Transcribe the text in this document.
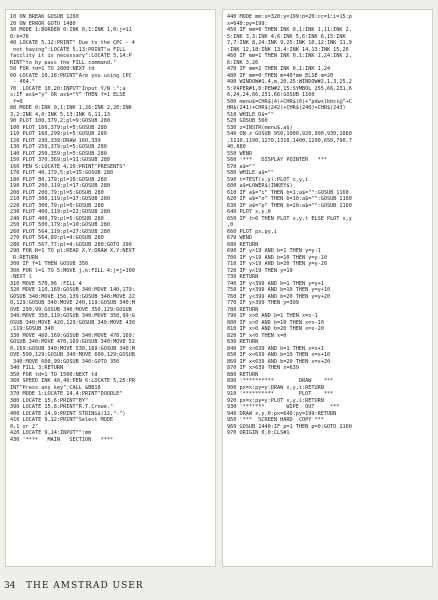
10 ON BREAK GOSUB 1260
20 ON ERROR GOTO 1480
30 MODE 1:BORDER 0:INK 0,1:INK 1,0:j=11
0:k=76
40 LOCATE 5,12:PRINT" Due to the CPC - 4
not having":LOCATE 5,13:PRINT"a FILL
facility it is necessary":LOCATE 5,14:P
RINT"to by pass the FILL command."
50 FOR td=1 TO 2000:NEXT td
60 LOCATE 10,18:PRINT"Are you using CPC
- 464."
70  LOCATE 10,20:INPUT"Input Y/N :";a
s:IF as$="y" OR as$="Y" THEN f=1 ELSE
f=0
80 MODE 0:INK 0,1:INK 1,26:INK 2,20:INK
3,2:INK 4,0:INK 5,13:INK 6,11,13
90 PLOT 100,379,2:pl=9:GOSUB 280
100 PLOT 160,379:pl=5:GOSUB 280
110 PLOT 160,299:pl=5:GOSUB 280
120 PLOT 230,339:DRAW 160,339
130 PLOT 250,379:pl=5:GOSUB 280
140 PLOT 250,359:pl=5:GOSUB 280
150 PLOT 370,369:pl=11:GOSUB 280
160 PEN 5:LOCATE 4,10:PRINT"PRESENTS"
170 PLOT 40,179,5:pl=15:GOSUB 280
180 PLOT 80,179:pl=10:GOSUB 280
190 PLOT 200,119:pl=17:GOSUB 280
200 PLOT 200,79:pl=5:GOSUB 280
210 PLOT 300,119:pl=17:GOSUB 280
220 PLOT 300,79:pl=5:GOSUB 280
230 PLOT 400,119:pl=22:GOSUB 280
240 PLOT 400,79:pl=5:GOSUB 280
250 PLOT 500,179:pl=10:GOSUB 280
260 PLOT 564,119:pl=27:GOSUB 280
270 PLOT 564,89:pl=4:GOSUB 280
280 PLOT 567,77:pl=4:GOSUB 280:GOTO 290
290 FOR R=1 TO pl:READ X,Y:DRAW X,Y:NEXT
R:RETURN
300 IF f=1 THEN GOSUB 350
300 FOR l=1 TO 5:MOVE j,k:FILL 4:j=j+100
:NEXT l
310 MOVE 570,96 :FILL 4
320 MOVE 110,169:GOSUB 340:MOVE 140,179:
GOSUB 340:MOVE 150,139:GOSUB 340:MOVE 22
0,129:GOSUB 340:MOVE 240,119:GOSUB 340:M
OVE 290,99:GOSUB 340:MOVE 350,129:GOSUB
340:MOVE 350,119:GOSUB 340:MOVE 350,99:G
OSUB 340:MOVE 420,129:GOSUB 340:MOVE 430
,119:GOSUB 340
330 MOVE 460,169:GOSUB 340:MOVE 470,169:
GOSUB 340:MOVE 470,169:GOSUB 340:MOVE 52
0,169:GOSUB 340:MOVE 530,169:GOSUB 340:M
OVE 590,129:GOSUB 340:MOVE 600,129:GOSUB
340:MOVE 600,99:GOSUB 340:GOTO 350
340 FILL 3:RETURN
350 FOR td=1 TO 1500:NEXT td
360 SPEED INK 40,40:PEN 6:LOCATE 5,25:PR
INT"Press any key":CALL &BB18
370 MODE 1:LOCATE 14,4:PRINT"DOODLE"
380 LOCATE 15,6:PRINT"BY"
390 LOCATE 15,8:PRINT"R.T.Crowe."
400 LOCATE 14,9:PRINT STRING$(12,"-")
410 LOCATE 9,12:PRINT"Select MODE
0,1 or 2"
420 LOCATE 9,14:INPUT"":mm
430 '****   MAIN   SECTION   ****
440 MODE mm:x=320:y=199:b=20:cc=1:i=15:p
x=640:py=199:
450 IF mm=0 THEN INK 0,1:INK 1,11:INK 2,
5:INK 3,3:INK 4,6:INK 5,6:INK 6,15:INK
7,7:INK 8,24:INK 9,25:INK 10,12:INK 11,9
:INK 12,18:INK 13,4:INK 14,13:INK 15,26
460 IF mm=1 THEN INK 0,1:INK 1,24:INK 2,
6:INK 3,26
470 IF mm=2 THEN INK 0,1:INK 1,24
480 IF mm=0 THEN m=40*mm ELSE m=20
490 WINDOW#1,4,m,20,25:WINDOW#2,1,3,25,2
5:PAPER#1,0:PEN#2,15:SYMBOL 255,66,231,6
6,24,24,66,231,66:GOSUB 1160
500 menu$=CHR$(4)+CHR$(6)+"pdwslbhci@"+C
HR$(241)+CHR$(242)+CHR$(240)+CHR$(243)
510 WHILE D$=""
520 GOSUB 560
530 z=INSTR(menu$,a$)
540 ON z GOSUB 950,1000,920,900,930,1060
,1110,1190,1270,1310,1400,1290,650,790,7
40,880
550 WEND
560 '***   DISPLAY POINTER   ***
570 a$=""
580 WHILE a$=""
590 t=TEST(x,y):PLOT x,y,i
600 a$=LOWER$(INKEY$)
610 IF a$="i" THEN b=1:a$="":GOSUB 1160
620 IF a$="o" THEN b=10:a$="":GOSUB 1160
630 IF a$="p" THEN b=20:a$="":GOSUB 1160
640 PLOT x,y,0
650 IF t>0 THEN PLOT x,y,t ELSE PLOT x,y
,0
660 PLOT px,py,i
670 WEND
680 RETURN
690 IF y>19 AND b=1 THEN y=y-1
700 IF y>19 AND b=10 THEN y=y-10
710 IF y>19 AND b=20 THEN y=y-20
720 IF y<19 THEN y=19
730 RETURN
740 IF y<399 AND b=1 THEN y=y+1
750 IF y<399 AND b=10 THEN y=y+10
760 IF y<399 AND b=20 THEN y=y+20
770 IF y>399 THEN y=399
780 RETURN
790 IF x>0 AND b=1 THEN x=x-1
800 IF x>0 AND b=10 THEN x=x-10
810 IF x>0 AND b=20 THEN x=x-20
820 IF x<0 THEN x=0
830 RETURN
840 IF x<639 AND b=1 THEN x=x+1
850 IF x<639 AND b=10 THEN x=x+10
860 IF x<639 AND b=20 THEN x=x+20
870 IF x>639 THEN x=639
880 RETURN
890 '**********        DRAW    ***
900 px=x:py=y:DRAW x,y,i:RETURN
910 '**********        PLOT    ***
920 px=x:py=y:PLOT x,y,i:RETURN
930 '*******       WIPE  OUT     ***
940 DRAW x,y,0:px=640:py=199:RETURN
950 '***  SCREEN HARD  COPY ***
960 GOSUB 1440:IF p=1 THEN p=0:GOTO 1160
970 ORIGIN 0,0:CLS#1
34 THE AMSTRAD USER
